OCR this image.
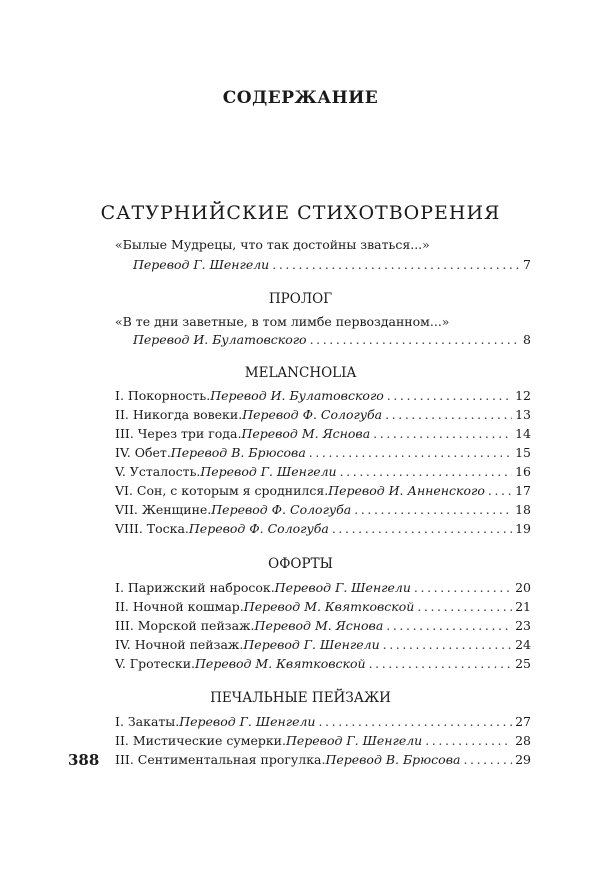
СОДЕРЖАНИЕ
САТУРНИЙСКИЕ СТИХОТВОРЕНИЯ
«Былые Мудрецы, что так достойны зваться...»
Перевод Г. Шенгели .....	7
ПРОЛОГ
«В те дни заветные, в том лимбе первозданном...»
Перевод И. Булатовского .....	8
MELANCHOLIA
I. Покорность. Перевод И. Булатовского .....	12
II. Никогда вовеки. Перевод Ф. Сологуба .....	13
III. Через три года. Перевод М. Яснова .....	14
IV. Обет. Перевод В. Брюсова .....	15
V. Усталость. Перевод Г. Шенгели .....	16
VI. Сон, с которым я сроднился. Перевод И. Анненского ..... 17
VII. Женщине. Перевод Ф. Сологуба .....	18
VIII. Тоска. Перевод Ф. Сологуба .....	19
ОФОРТЫ
I. Парижский набросок. Перевод Г. Шенгели .....	20
II. Ночной кошмар. Перевод М. Квятковской .....	21
III. Морской пейзаж. Перевод М. Яснова .....	23
IV. Ночной пейзаж. Перевод Г. Шенгели .....	24
V. Гротески. Перевод М. Квятковской .....	25
ПЕЧАЛЬНЫЕ ПЕЙЗАЖИ
I. Закаты. Перевод Г. Шенгели .....	27
II. Мистические сумерки. Перевод Г. Шенгели .....	28
III. Сентиментальная прогулка. Перевод В. Брюсова .....	29
388
